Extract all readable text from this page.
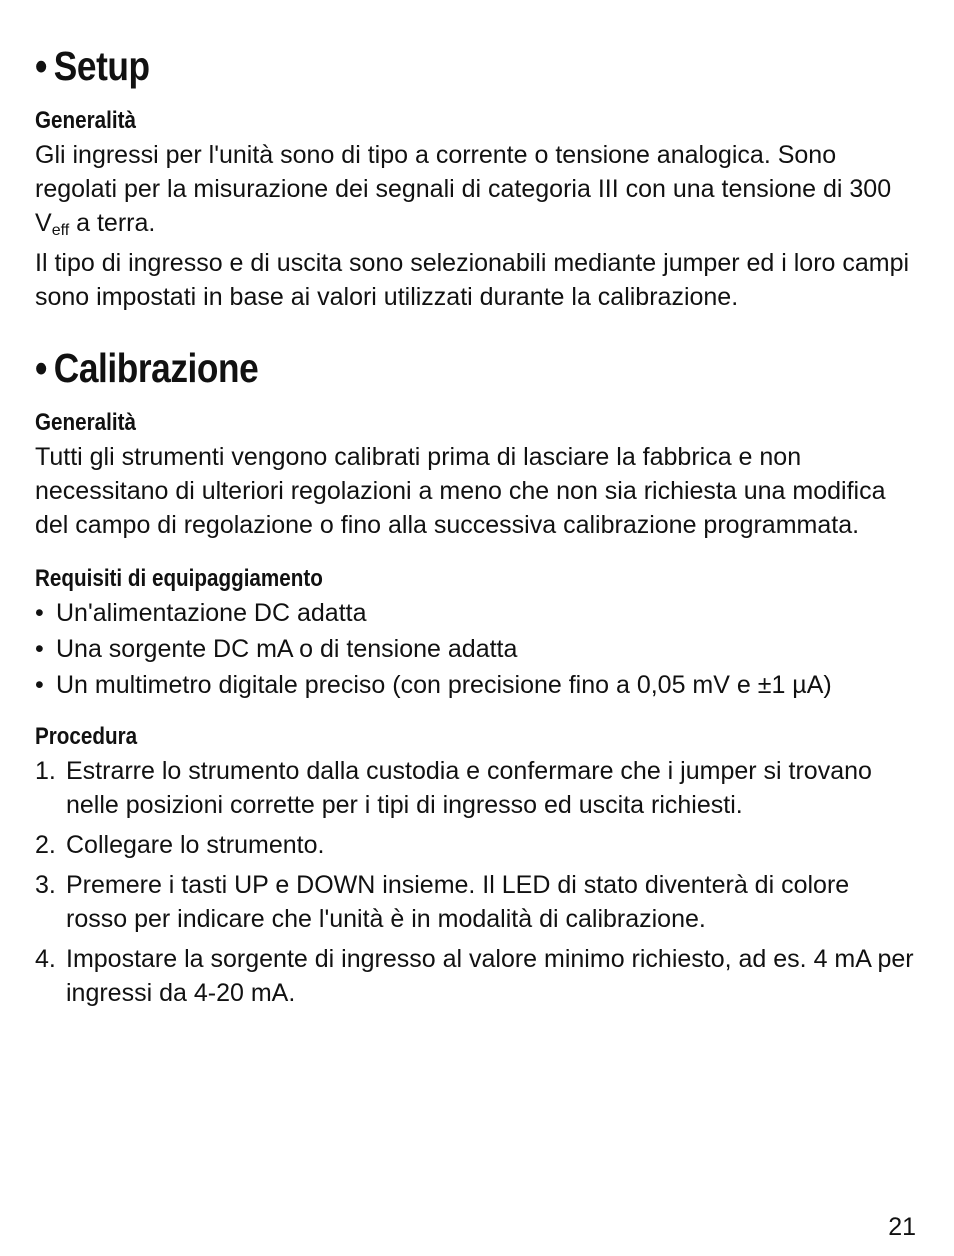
• Setup
Generalità

Gli ingressi per l'unità sono di tipo a corrente o tensione analogica. Sono regolati per la misurazione dei segnali di categoria III con una tensione di 300 $V_{eff}$ a terra.

Il tipo di ingresso e di uscita sono selezionabili mediante jumper ed i loro campi sono impostati in base ai valori utilizzati durante la calibrazione.

• Calibrazione
Generalità

Tutti gli strumenti vengono calibrati prima di lasciare la fabbrica e non necessitano di ulteriori regolazioni a meno che non sia richiesta una modifica del campo di regolazione o fino alla successiva calibrazione programmata.

Requisiti di equipaggiamento
• Un'alimentazione DC adatta
• Una sorgente DC mA o di tensione adatta
• Un multimetro digitale preciso (con precisione fino a 0,05 mV e ±1 µA)
Procedura
1. Estrarre lo strumento dalla custodia e confermare che i jumper si trovano nelle posizioni corrette per i tipi di ingresso ed uscita richiesti.
2. Collegare lo strumento.
3. Premere i tasti UP e DOWN insieme. Il LED di stato diventerà di colore rosso per indicare che l'unità è in modalità di calibrazione.
4. Impostare la sorgente di ingresso al valore minimo richiesto, ad es. 4 mA per ingressi da 4-20 mA.
21
